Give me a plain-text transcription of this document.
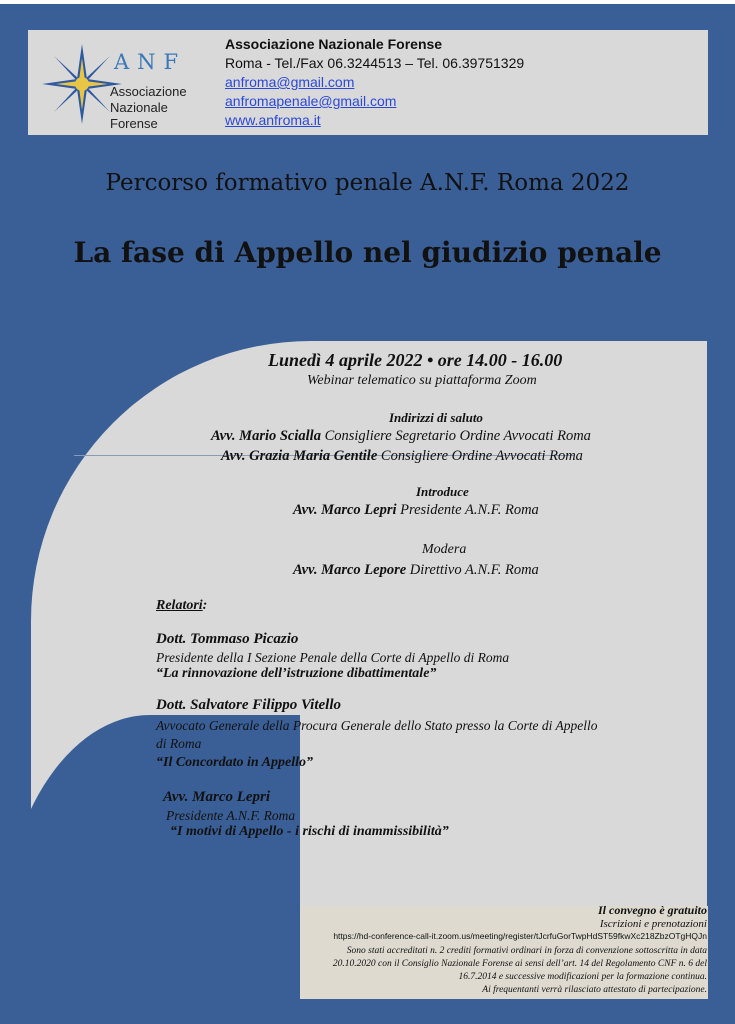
ANF
Associazione
Nazionale
Forense
Associazione Nazionale Forense
Roma - Tel./Fax 06.3244513 – Tel. 06.39751329
anfroma@gmail.com
anfromapenale@gmail.com
www.anfroma.it
Percorso formativo penale A.N.F. Roma 2022
La fase di Appello nel giudizio penale
Lunedì 4 aprile 2022 • ore 14.00 - 16.00
Webinar telematico su piattaforma Zoom
Indirizzi di saluto
Avv. Mario Scialla Consigliere Segretario Ordine Avvocati Roma
Avv. Grazia Maria Gentile Consigliere Ordine Avvocati Roma
Introduce
Avv. Marco Lepri Presidente A.N.F. Roma
Modera
Avv. Marco Lepore Direttivo A.N.F. Roma
Relatori:
Dott. Tommaso Picazio
Presidente della I Sezione Penale della Corte di Appello di Roma
“La rinnovazione dell’istruzione dibattimentale”
Dott. Salvatore Filippo Vitello
Avvocato Generale della Procura Generale dello Stato presso la Corte di Appello
di Roma
“Il Concordato in Appello”
Avv. Marco Lepri
Presidente A.N.F. Roma
“I motivi di Appello - i rischi di inammissibilità”
Il convegno è gratuito
Iscrizioni e prenotazioni
https://hd-conference-call-it.zoom.us/meeting/register/tJcrfuGorTwpHdST59fkwXc218ZbzOTgHQJn
Sono stati accreditati n. 2 crediti formativi ordinari in forza di convenzione sottoscritta in data
20.10.2020 con il Consiglio Nazionale Forense ai sensi dell’art. 14 del Regolamento CNF n. 6 del
16.7.2014 e successive modificazioni per la formazione continua.
Ai frequentanti verrà rilasciato attestato di partecipazione.
